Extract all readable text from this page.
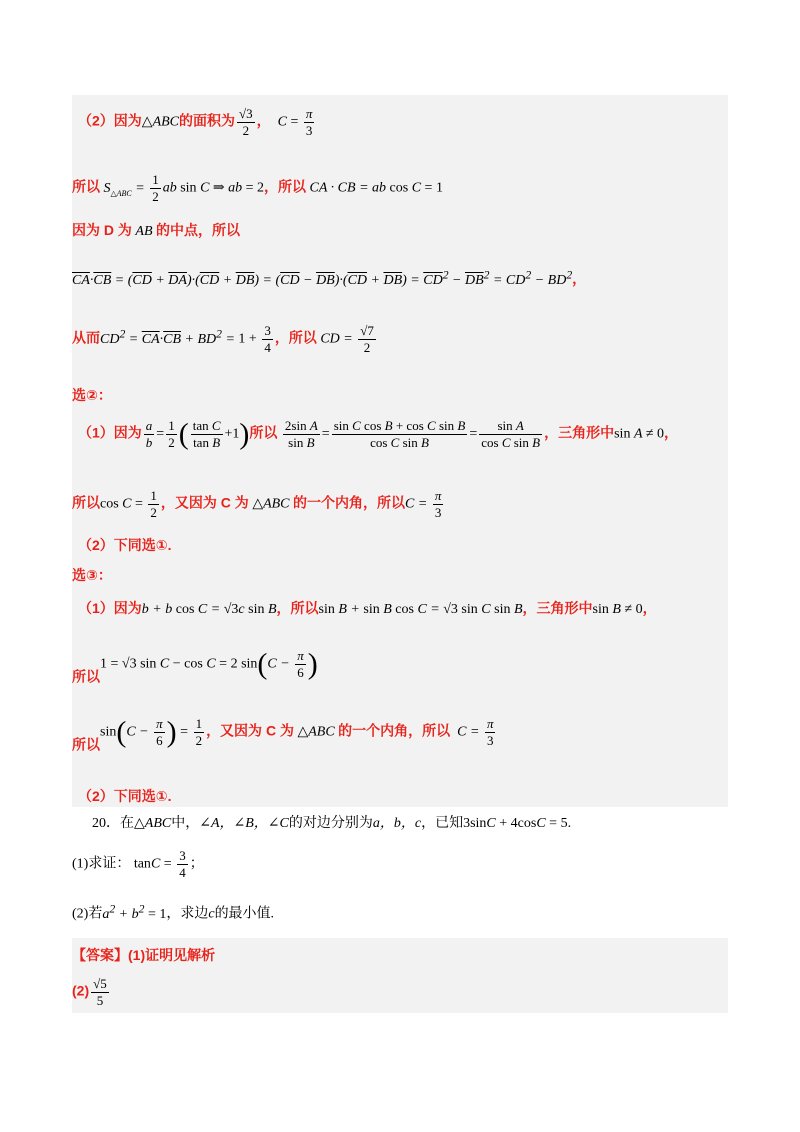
（2）因为△ABC的面积为 $\frac{√3}{2}$ ， $C = \frac{\pi}{3}$
所以 $S_{\triangle ABC} = \frac{1}{2}$ ab sin C ⇒ ab = 2，所以 CA · CB = ab cos C = 1
因为 D 为 AB 的中点，所以
$\overline{CA}\cdot\overline{CB} = (\overline{CD} + \overline{DA})\cdot(\overline{CD} + \overline{DB}) = (\overline{CD} - \overline{DB})\cdot(\overline{CD} + \overline{DB}) = \overline{CD}^2 - \overline{DB}^2 = CD^2 - BD^2$，
从而$CD^2 = \overline{CA}\cdot\overline{CB} + BD^2 = 1 + \frac{3}{4}$ ，所以 CD = $\frac{√7}{2}$
选②：
（1）因为 $\frac{a}{b} = \frac{1}{2}$ ( $\frac{\text{tan C}}{\text{tan B}} +1$)所以 $\frac{\text{2sin A}}{\text{sin B}} = \frac{\text{sin C cos B + cos C sin B}}{\text{cos C sin B}} = \frac{\text{sin A}}{\text{cos C sin B}}$ ，三角形中sin A ≠ 0，
所以$\cos C = \frac{1}{2}$ ，又因为 C 为 △ABC 的一个内角，所以$C = \frac{\pi}{3}$
（2）下同选①.
选③：
（1）因为b + b cos C = √3c sin B，所以sin B + sin B cos C = √3 sin C sin B，三角形中sin B ≠ 0，
所以1 = √3 sin C − cos C = 2 $\sin(C - \frac{\pi}{6}$ )
所以$\sin(C - \frac{\pi}{6}$ ) = $\frac{1}{2}$ ，又因为 C 为 △ABC 的一个内角，所以 $C = \frac{\pi}{3}$
（2）下同选①.
20．在△ABC中，∠A，∠B，∠C的对边分别为a，b，c，已知3sinC + 4cosC = 5.
(1)求证： $\tan C = \frac{3}{4}$ ；
(2)若$a^2 + b^2 = 1$，求边c的最小值.
【答案】(1)证明见解析
$(2) \frac{√5}{5}$
